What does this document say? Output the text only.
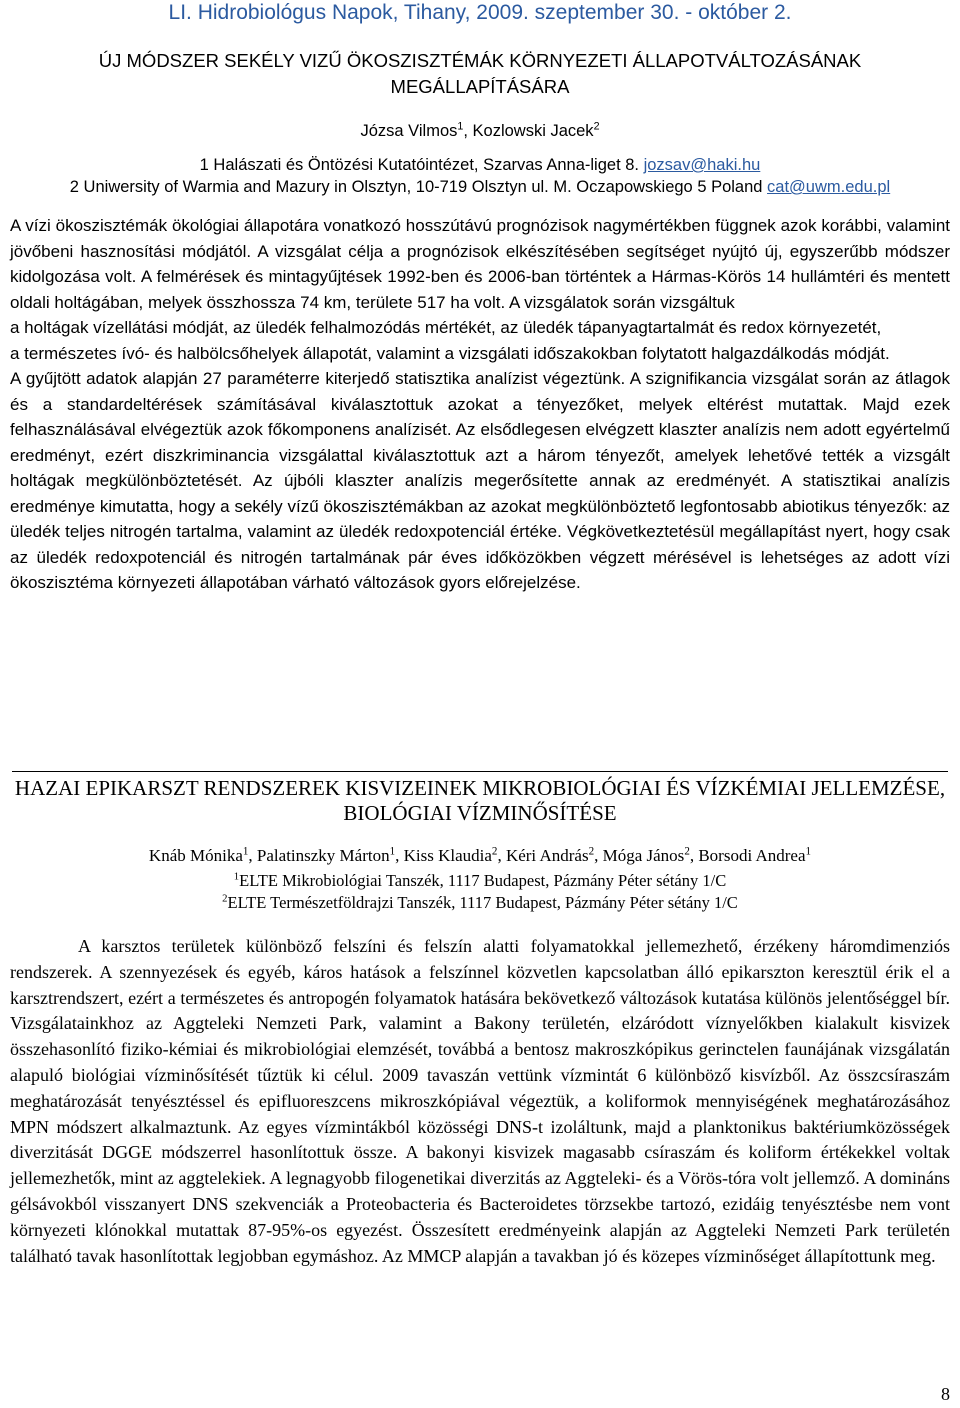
LI. Hidrobiológus Napok, Tihany, 2009. szeptember 30. - október 2.
ÚJ MÓDSZER SEKÉLY VIZŰ ÖKOSZISZTÉMÁK KÖRNYEZETI ÁLLAPOTVÁLTOZÁSÁNAK MEGÁLLAPÍTÁSÁRA
Józsa Vilmos$^1$, Kozlowski Jacek$^2$
1 Halászati és Öntözési Kutatóintézet, Szarvas Anna-liget 8. jozsav@haki.hu
2 Uniwersity of Warmia and Mazury in Olsztyn, 10-719 Olsztyn ul. M. Oczapowskiego 5 Poland cat@uwm.edu.pl
A vízi ökoszisztémák ökológiai állapotára vonatkozó hosszútávú prognózisok nagymértékben függnek azok korábbi, valamint jövőbeni hasznosítási módjától. A vizsgálat célja a prognózisok elkészítésében segítséget nyújtó új, egyszerűbb módszer kidolgozása volt. A felmérések és mintagyűjtések 1992-ben és 2006-ban történtek a Hármas-Körös 14 hullámtéri és mentett oldali holtágában, melyek összhossza 74 km, területe 517 ha volt. A vizsgálatok során vizsgáltuk
a holtágak vízellátási módját, az üledék felhalmozódás mértékét, az üledék tápanyagtartalmát és redox környezetét,
a természetes ívó- és halbölcsőhelyek állapotát, valamint a vizsgálati időszakokban folytatott halgazdálkodás módját.
A gyűjtött adatok alapján 27 paraméterre kiterjedő statisztika analízist végeztünk. A szignifikancia vizsgálat során az átlagok és a standardeltérések számításával kiválasztottuk azokat a tényezőket, melyek eltérést mutattak. Majd ezek felhasználásával elvégeztük azok főkomponens analízisét. Az elsődlegesen elvégzett klaszter analízis nem adott egyértelmű eredményt, ezért diszkriminancia vizsgálattal kiválasztottuk azt a három tényezőt, amelyek lehetővé tették a vizsgált holtágak megkülönböztetését. Az újbóli klaszter analízis megerősítette annak az eredményét. A statisztikai analízis eredménye kimutatta, hogy a sekély vízű ökoszisztémákban az azokat megkülönböztető legfontosabb abiotikus tényezők: az üledék teljes nitrogén tartalma, valamint az üledék redoxpotenciál értéke. Végkövetkeztetésül megállapítást nyert, hogy csak az üledék redoxpotenciál és nitrogén tartalmának pár éves időközökben végzett mérésével is lehetséges az adott vízi ökoszisztéma környezeti állapotában várható változások gyors előrejelzése.
HAZAI EPIKARSZT RENDSZEREK KISVIZEINEK MIKROBIOLÓGIAI ÉS VÍZKÉMIAI JELLEMZÉSE, BIOLÓGIAI VÍZMINŐSÍTÉSE
Knáb Mónika$^1$, Palatinszky Márton$^1$, Kiss Klaudia$^2$, Kéri András$^2$, Móga János$^2$, Borsodi Andrea$^1$
$^1$ELTE Mikrobiológiai Tanszék, 1117 Budapest, Pázmány Péter sétány 1/C
$^2$ELTE Természetföldrajzi Tanszék, 1117 Budapest, Pázmány Péter sétány 1/C
A karsztos területek különböző felszíni és felszín alatti folyamatokkal jellemezhető, érzékeny háromdimenziós rendszerek. A szennyezések és egyéb, káros hatások a felszínnel közvetlen kapcsolatban álló epikarszton keresztül érik el a karsztrendszert, ezért a természetes és antropogén folyamatok hatására bekövetkező változások kutatása különös jelentőséggel bír. Vizsgálatainkhoz az Aggteleki Nemzeti Park, valamint a Bakony területén, elzáródott víznyelőkben kialakult kisvizek összehasonlító fiziko-kémiai és mikrobiológiai elemzését, továbbá a bentosz makroszkópikus gerinctelen faunájának vizsgálatán alapuló biológiai vízminősítését tűztük ki célul. 2009 tavaszán vettünk vízmintát 6 különböző kisvízből. Az összcsíraszám meghatározását tenyésztéssel és epifluoreszcens mikroszkópiával végeztük, a koliformok mennyiségének meghatározásához MPN módszert alkalmaztunk. Az egyes vízmintákból közösségi DNS-t izoláltunk, majd a planktonikus baktériumközösségek diverzitását DGGE módszerrel hasonlítottuk össze. A bakonyi kisvizek magasabb csíraszám és koliform értékekkel voltak jellemezhetők, mint az aggtelekiek. A legnagyobb filogenetikai diverzitás az Aggteleki- és a Vörös-tóra volt jellemző. A domináns gélsávokból visszanyert DNS szekvenciák a Proteobacteria és Bacteroidetes törzsekbe tartozó, ezidáig tenyésztésbe nem vont környezeti klónokkal mutattak 87-95%-os egyezést. Összesített eredményeink alapján az Aggteleki Nemzeti Park területén található tavak hasonlítottak legjobban egymáshoz. Az MMCP alapján a tavakban jó és közepes vízminőséget állapítottunk meg.
8
